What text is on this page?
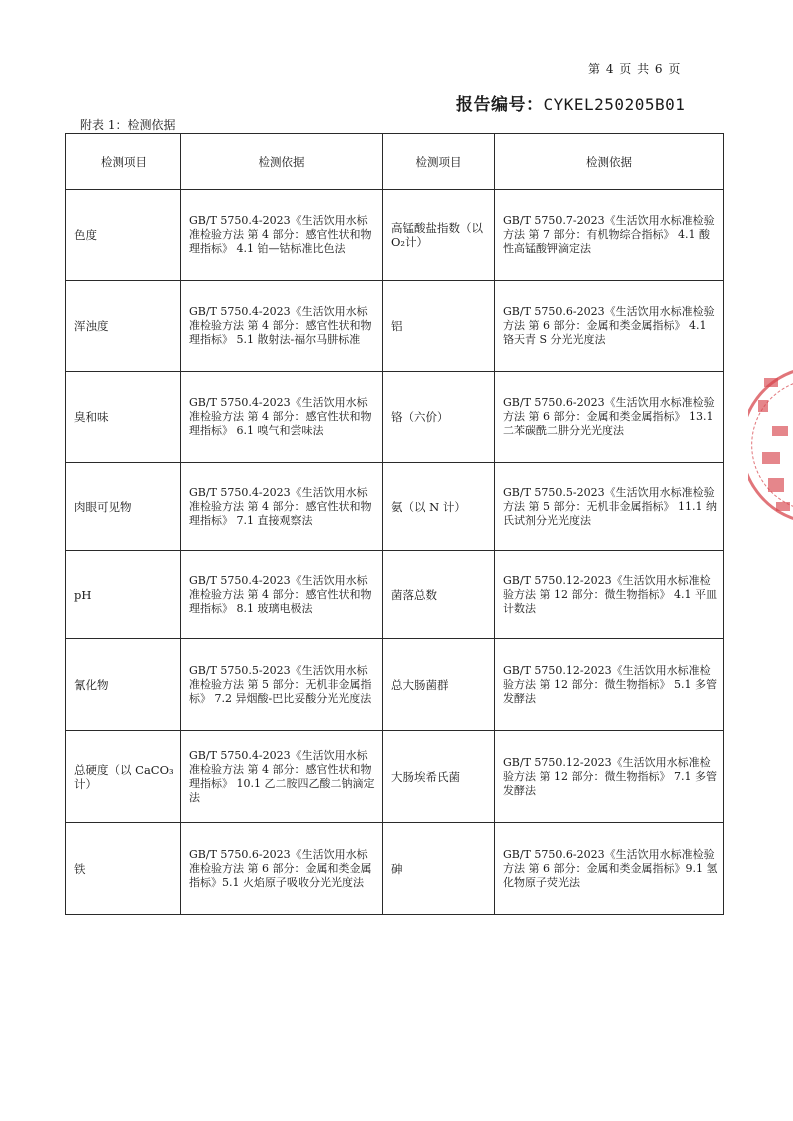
第 4 页 共 6 页
报告编号：CYKEL250205B01
附表 1：检测依据
检测项目	检测依据	检测项目	检测依据
色度	GB/T 5750.4-2023《生活饮用水标准检验方法 第 4 部分：感官性状和物理指标》 4.1 铂—钴标准比色法	高锰酸盐指数（以O₂计）	GB/T 5750.7-2023《生活饮用水标准检验方法 第 7 部分：有机物综合指标》 4.1 酸性高锰酸钾滴定法
浑浊度	GB/T 5750.4-2023《生活饮用水标准检验方法 第 4 部分：感官性状和物理指标》 5.1 散射法-福尔马肼标准	铝	GB/T 5750.6-2023《生活饮用水标准检验方法 第 6 部分：金属和类金属指标》 4.1 铬天青 S 分光光度法
臭和味	GB/T 5750.4-2023《生活饮用水标准检验方法 第 4 部分：感官性状和物理指标》 6.1 嗅气和尝味法	铬（六价）	GB/T 5750.6-2023《生活饮用水标准检验方法 第 6 部分：金属和类金属指标》 13.1 二苯碳酰二肼分光光度法
肉眼可见物	GB/T 5750.4-2023《生活饮用水标准检验方法 第 4 部分：感官性状和物理指标》 7.1 直接观察法	氨（以 N 计）	GB/T 5750.5-2023《生活饮用水标准检验方法 第 5 部分：无机非金属指标》 11.1 纳氏试剂分光光度法
pH	GB/T 5750.4-2023《生活饮用水标准检验方法 第 4 部分：感官性状和物理指标》 8.1 玻璃电极法	菌落总数	GB/T 5750.12-2023《生活饮用水标准检验方法 第 12 部分：微生物指标》 4.1 平皿计数法
氰化物	GB/T 5750.5-2023《生活饮用水标准检验方法 第 5 部分：无机非金属指标》 7.2 异烟酸-巴比妥酸分光光度法	总大肠菌群	GB/T 5750.12-2023《生活饮用水标准检验方法 第 12 部分：微生物指标》 5.1 多管发酵法
总硬度（以 CaCO₃计）	GB/T 5750.4-2023《生活饮用水标准检验方法 第 4 部分：感官性状和物理指标》 10.1 乙二胺四乙酸二钠滴定法	大肠埃希氏菌	GB/T 5750.12-2023《生活饮用水标准检验方法 第 12 部分：微生物指标》 7.1 多管发酵法
铁	GB/T 5750.6-2023《生活饮用水标准检验方法 第 6 部分：金属和类金属指标》5.1 火焰原子吸收分光光度法	砷	GB/T 5750.6-2023《生活饮用水标准检验方法 第 6 部分：金属和类金属指标》9.1 氢化物原子荧光法
